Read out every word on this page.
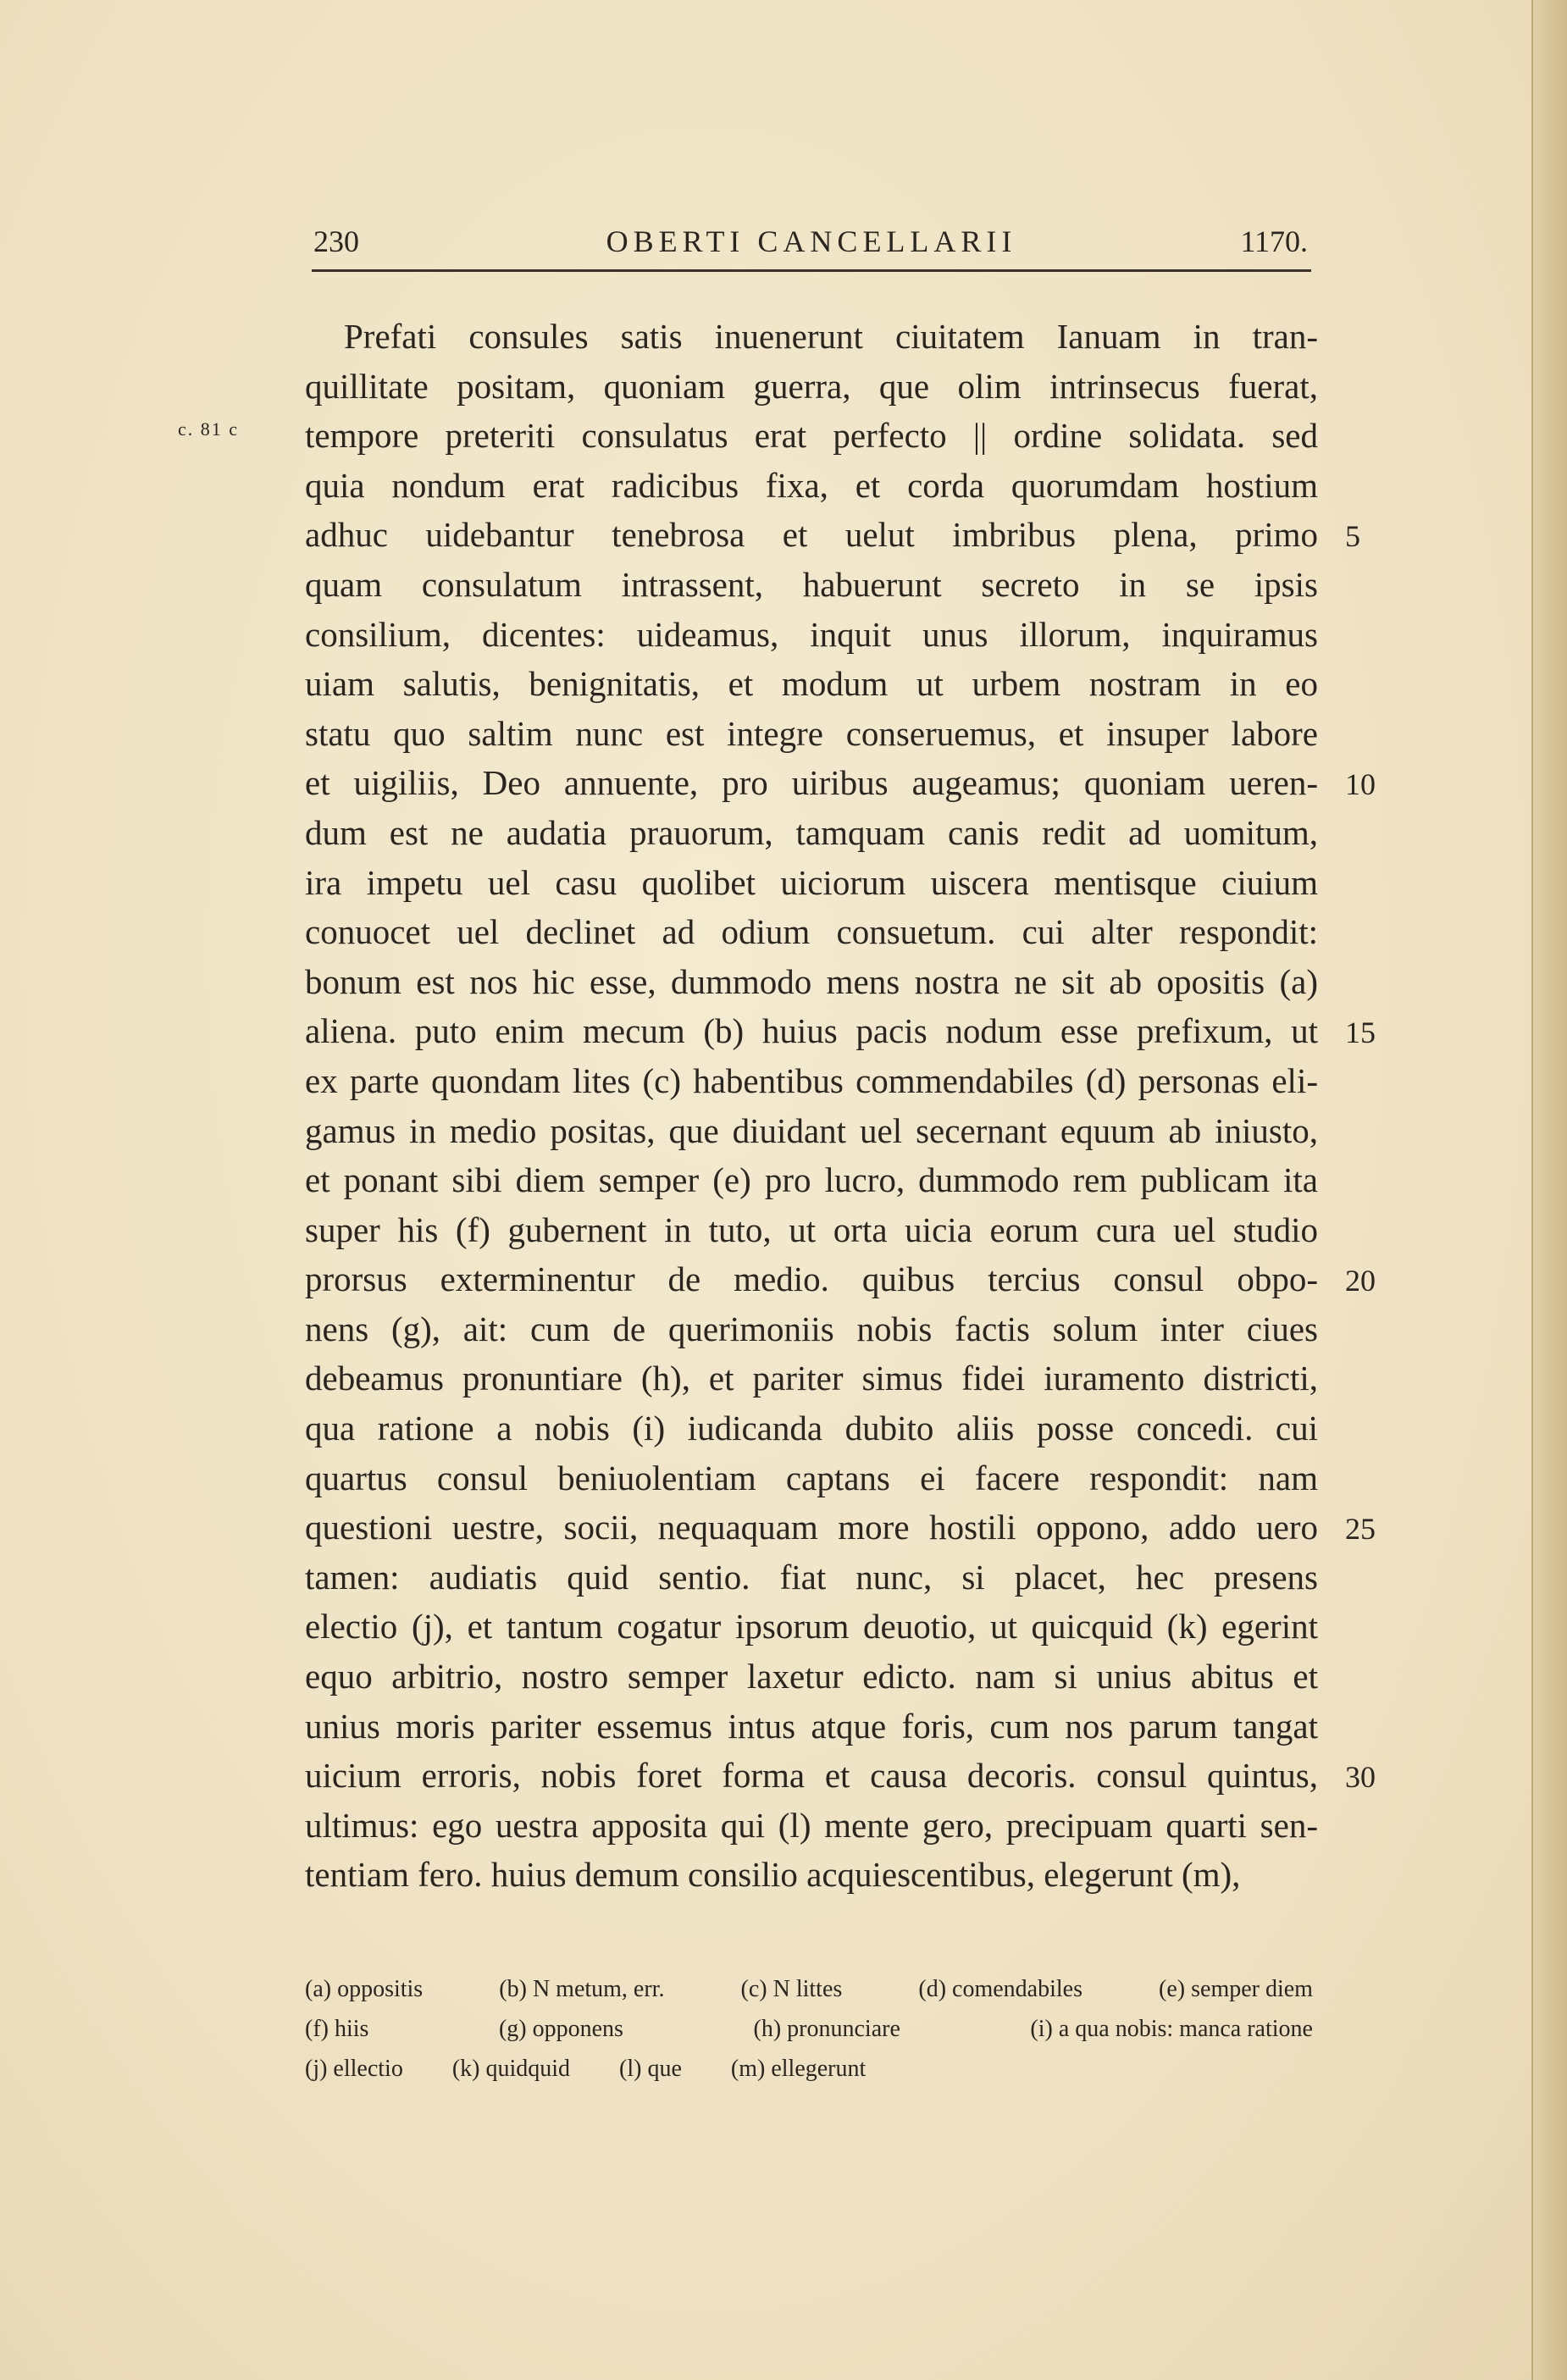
230	OBERTI CANCELLARII	1170.
c. 81 c
Prefati consules satis inuenerunt ciuitatem Ianuam in tran-
quillitate positam, quoniam guerra, que olim intrinsecus fuerat,
tempore preteriti consulatus erat perfecto || ordine solidata. sed
quia nondum erat radicibus fixa, et corda quorumdam hostium
adhuc uidebantur tenebrosa et uelut imbribus plena, primo
quam consulatum intrassent, habuerunt secreto in se ipsis
consilium, dicentes: uideamus, inquit unus illorum, inquiramus
uiam salutis, benignitatis, et modum ut urbem nostram in eo
statu quo saltim nunc est integre conseruemus, et insuper labore
et uigiliis, Deo annuente, pro uiribus augeamus; quoniam ueren-
dum est ne audatia prauorum, tamquam canis redit ad uomitum,
ira impetu uel casu quolibet uiciorum uiscera mentisque ciuium
conuocet uel declinet ad odium consuetum. cui alter respondit:
bonum est nos hic esse, dummodo mens nostra ne sit ab opositis (a)
aliena. puto enim mecum (b) huius pacis nodum esse prefixum, ut
ex parte quondam lites (c) habentibus commendabiles (d) personas eli-
gamus in medio positas, que diuidant uel secernant equum ab iniusto,
et ponant sibi diem semper (e) pro lucro, dummodo rem publicam ita
super his (f) gubernent in tuto, ut orta uicia eorum cura uel studio
prorsus exterminentur de medio. quibus tercius consul obpo-
nens (g), ait: cum de querimoniis nobis factis solum inter ciues
debeamus pronuntiare (h), et pariter simus fidei iuramento districti,
qua ratione a nobis (i) iudicanda dubito aliis posse concedi. cui
quartus consul beniuolentiam captans ei facere respondit: nam
questioni uestre, socii, nequaquam more hostili oppono, addo uero
tamen: audiatis quid sentio. fiat nunc, si placet, hec presens
electio (j), et tantum cogatur ipsorum deuotio, ut quicquid (k) egerint
equo arbitrio, nostro semper laxetur edicto. nam si unius abitus et
unius moris pariter essemus intus atque foris, cum nos parum tangat
uicium erroris, nobis foret forma et causa decoris. consul quintus,
ultimus: ego uestra apposita qui (l) mente gero, precipuam quarti sen-
tentiam fero. huius demum consilio acquiescentibus, elegerunt (m),
5
10
15
20
25
30
(a) oppositis	(b) N metum, err.	(c) N littes	(d) comendabiles	(e) semper diem
(f) hiis	(g) opponens	(h) pronunciare	(i) a qua nobis: manca ratione
(j) ellectio (k) quidquid (l) que (m) ellegerunt
